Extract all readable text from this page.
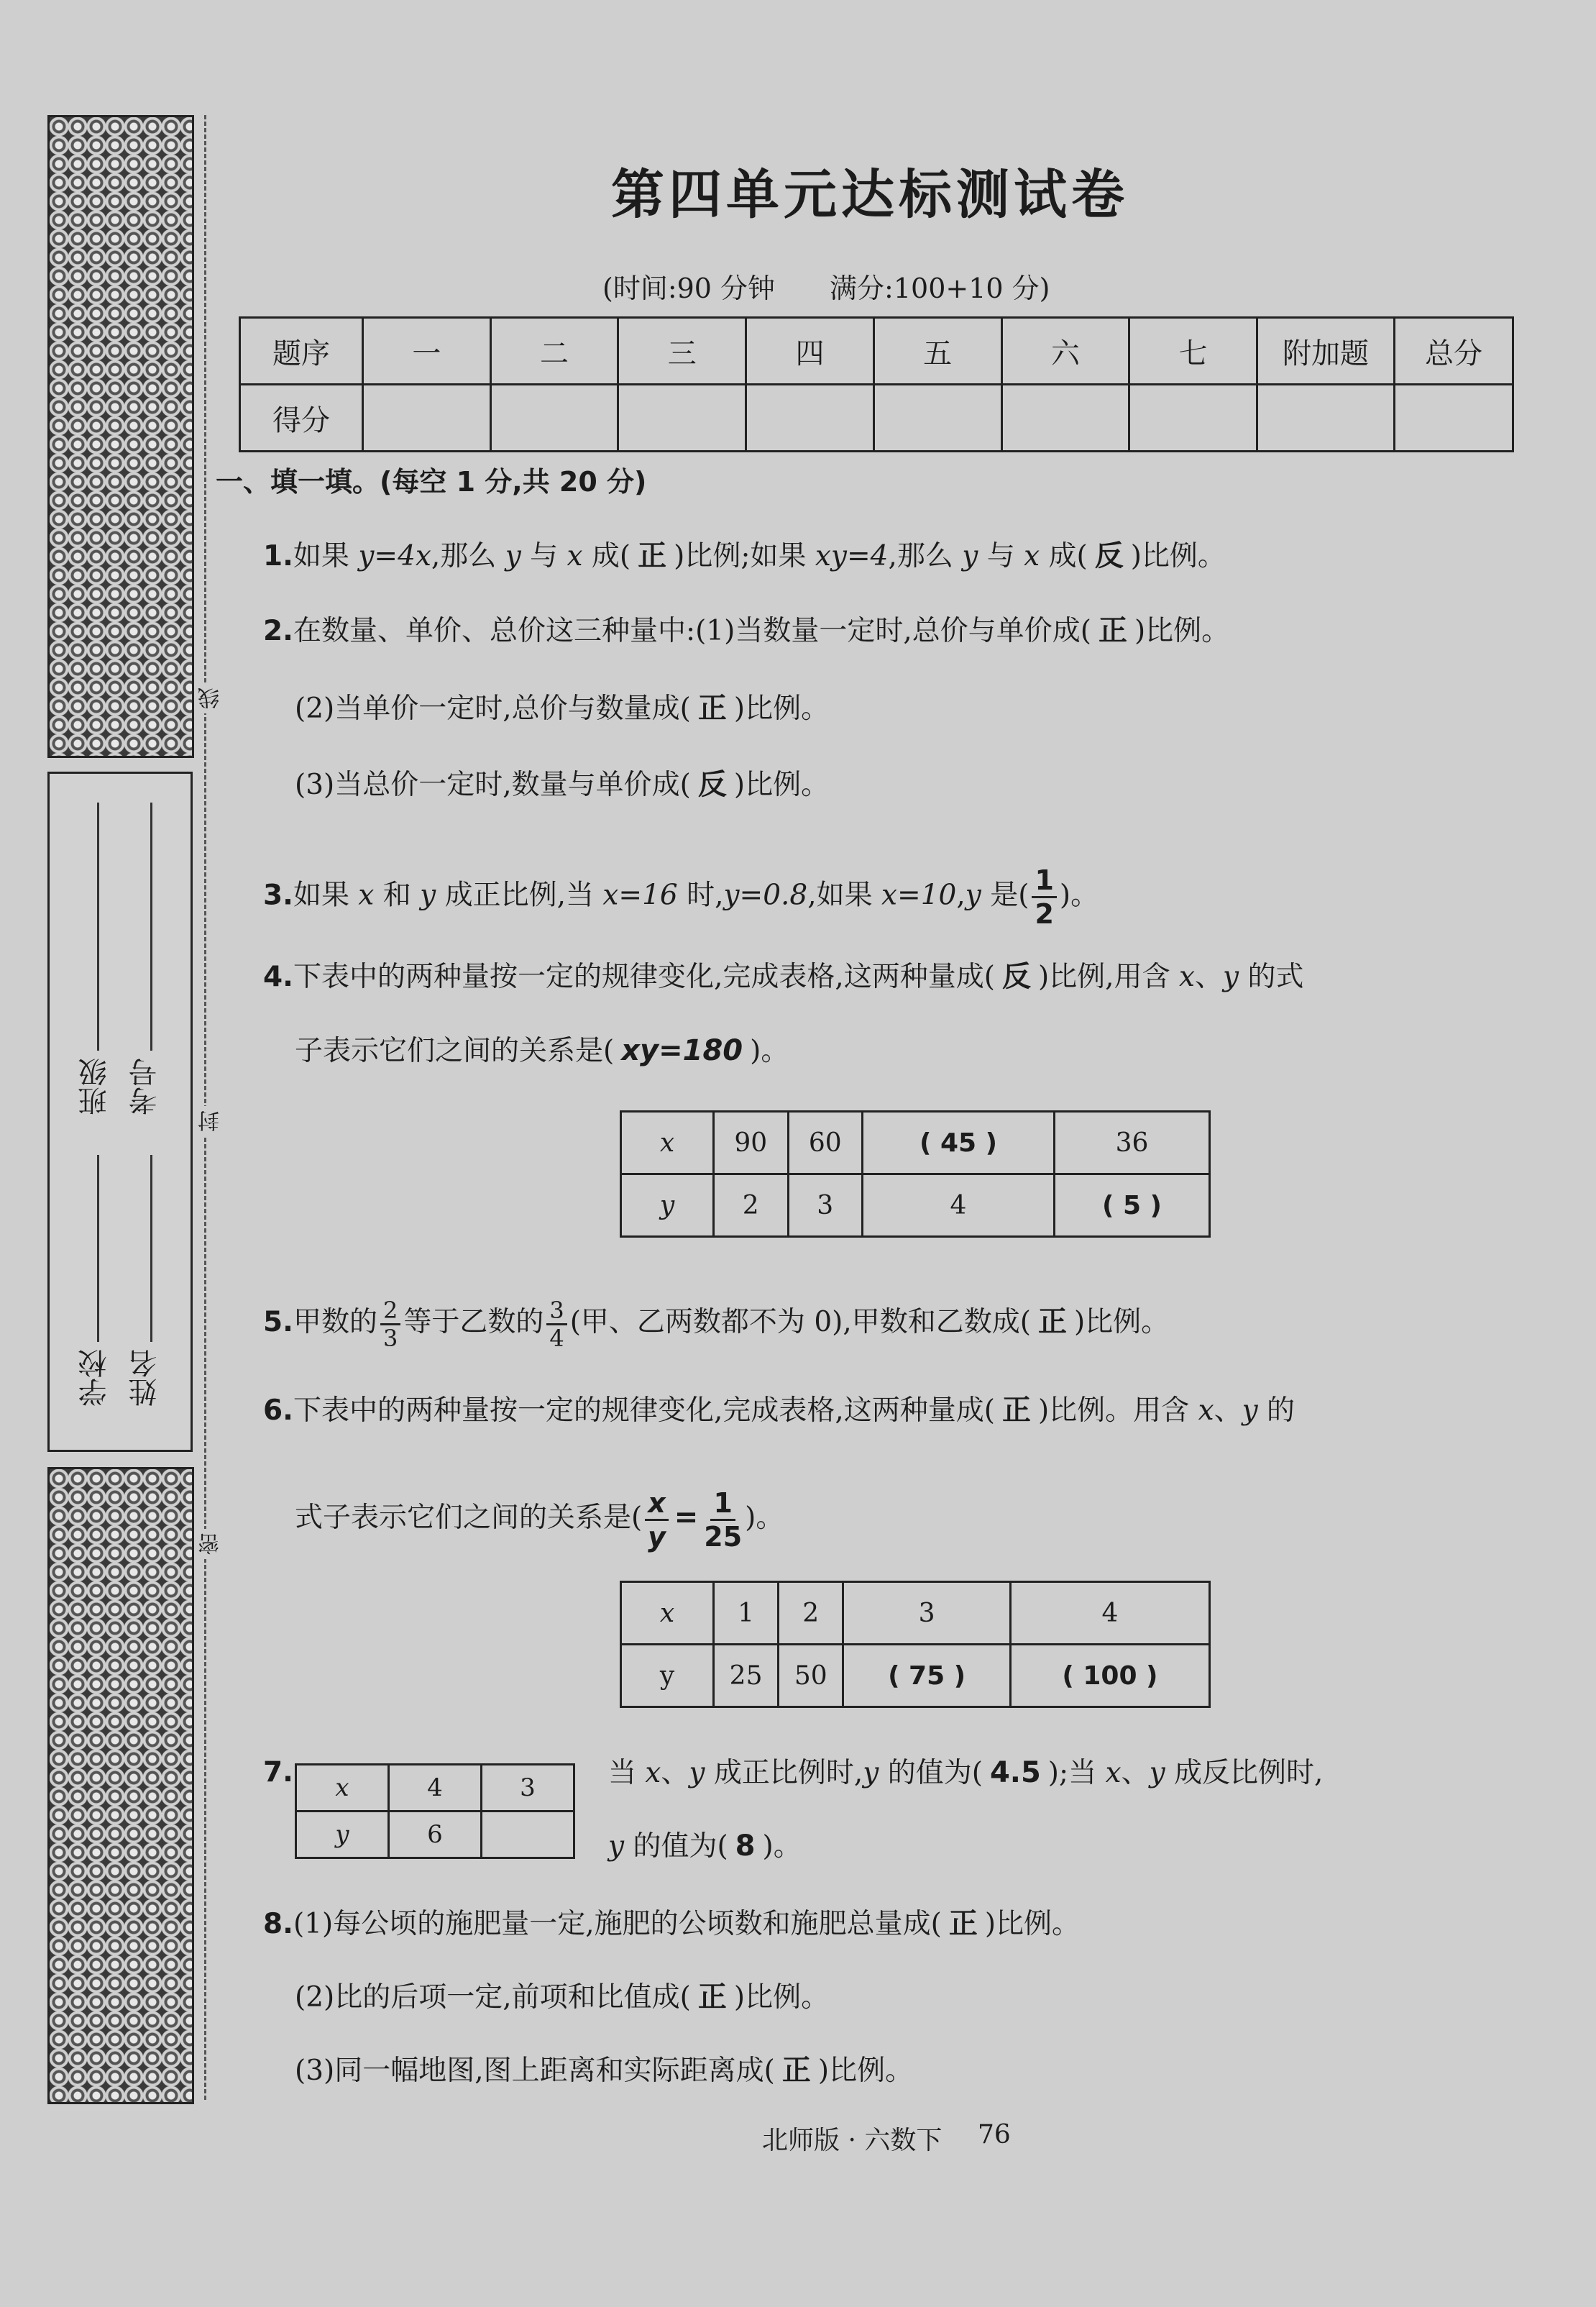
学校
班级
姓名
考号
线
封
密
第四单元达标测试卷
(时间:90 分钟　　满分:100+10 分)
题序	一	二	三	四	五	六	七	附加题	总分
得分									
一、填一填。(每空 1 分,共 20 分)
1.如果 y=4x,那么 y 与 x 成( 正 )比例;如果 xy=4,那么 y 与 x 成( 反 )比例。
2.在数量、单价、总价这三种量中:(1)当数量一定时,总价与单价成( 正 )比例。
(2)当单价一定时,总价与数量成( 正 )比例。
(3)当总价一定时,数量与单价成( 反 )比例。
3.如果 x 和 y 成正比例,当 x=16 时,y=0.8,如果 x=10,y 是( $\frac{1}{2}$ )。
4.下表中的两种量按一定的规律变化,完成表格,这两种量成( 反 )比例,用含 x、y 的式
子表示它们之间的关系是( xy=180 )。
x	90	60	( 45 )	36
y	2	3	4	( 5 )
5.甲数的 $\frac{2}{3}$ 等于乙数的 $\frac{3}{4}$ (甲、乙两数都不为 0),甲数和乙数成( 正 )比例。
6.下表中的两种量按一定的规律变化,完成表格,这两种量成( 正 )比例。用含 x、y 的
式子表示它们之间的关系是( $\frac{x}{y} = \frac{1}{25}$ )。
x	1	2	3	4
y	25	50	( 75 )	( 100 )
7. x	4	3
y	6	
当 x、y 成正比例时,y 的值为( 4.5 );当 x、y 成反比例时,
y 的值为( 8 )。
8.(1)每公顷的施肥量一定,施肥的公顷数和施肥总量成( 正 )比例。
(2)比的后项一定,前项和比值成( 正 )比例。
(3)同一幅地图,图上距离和实际距离成( 正 )比例。
北师版 · 六数下 76
